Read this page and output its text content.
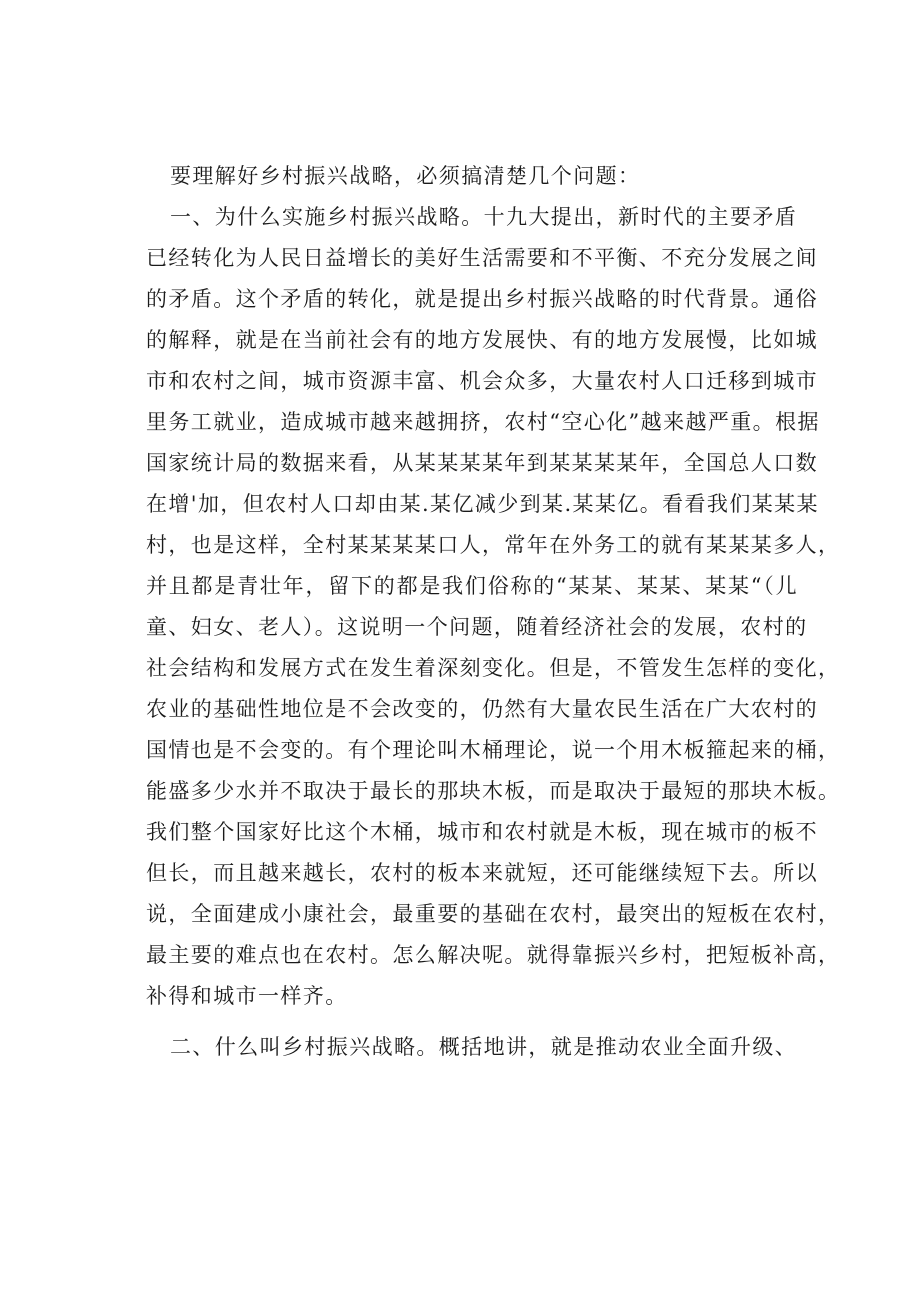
要理解好乡村振兴战略，必须搞清楚几个问题：
一、为什么实施乡村振兴战略。十九大提出，新时代的主要矛盾
已经转化为人民日益增长的美好生活需要和不平衡、不充分发展之间
的矛盾。这个矛盾的转化，就是提出乡村振兴战略的时代背景。通俗
的解释，就是在当前社会有的地方发展快、有的地方发展慢，比如城
市和农村之间，城市资源丰富、机会众多，大量农村人口迁移到城市
里务工就业，造成城市越来越拥挤，农村“空心化”越来越严重。根据
国家统计局的数据来看，从某某某某年到某某某某年，全国总人口数
在增'加，但农村人口却由某.某亿减少到某.某某亿。看看我们某某某
村，也是这样，全村某某某某口人，常年在外务工的就有某某某多人，
并且都是青壮年，留下的都是我们俗称的“某某、某某、某某“（儿
童、妇女、老人）。这说明一个问题，随着经济社会的发展，农村的
社会结构和发展方式在发生着深刻变化。但是，不管发生怎样的变化，
农业的基础性地位是不会改变的，仍然有大量农民生活在广大农村的
国情也是不会变的。有个理论叫木桶理论，说一个用木板箍起来的桶，
能盛多少水并不取决于最长的那块木板，而是取决于最短的那块木板。
我们整个国家好比这个木桶，城市和农村就是木板，现在城市的板不
但长，而且越来越长，农村的板本来就短，还可能继续短下去。所以
说，全面建成小康社会，最重要的基础在农村，最突出的短板在农村，
最主要的难点也在农村。怎么解决呢。就得靠振兴乡村，把短板补高，
补得和城市一样齐。
二、什么叫乡村振兴战略。概括地讲，就是推动农业全面升级、
